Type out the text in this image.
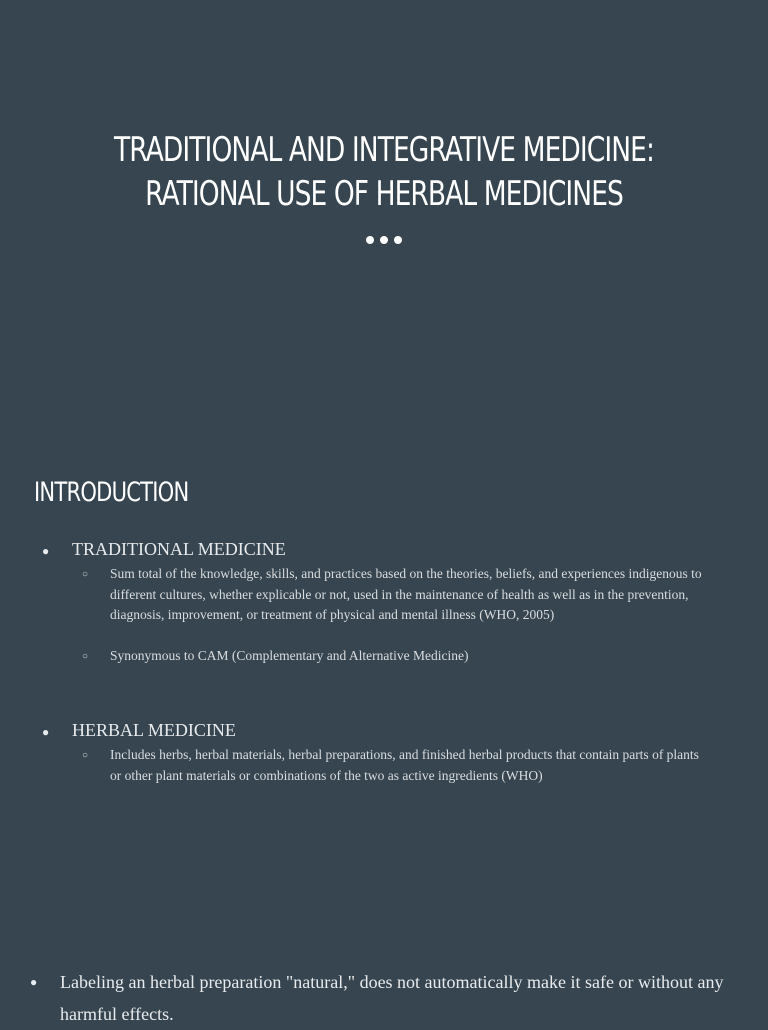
TRADITIONAL AND INTEGRATIVE MEDICINE:
RATIONAL USE OF HERBAL MEDICINES
INTRODUCTION
●	TRADITIONAL MEDICINE
○	Sum total of the knowledge, skills, and practices based on the theories, beliefs, and experiences indigenous to different cultures, whether explicable or not, used in the maintenance of health as well as in the prevention, diagnosis, improvement, or treatment of physical and mental illness (WHO, 2005)
○	Synonymous to CAM (Complementary and Alternative Medicine)
●	HERBAL MEDICINE
○	Includes herbs, herbal materials, herbal preparations, and finished herbal products that contain parts of plants or other plant materials or combinations of the two as active ingredients (WHO)
●	Labeling an herbal preparation "natural," does not automatically make it safe or without any harmful effects.
